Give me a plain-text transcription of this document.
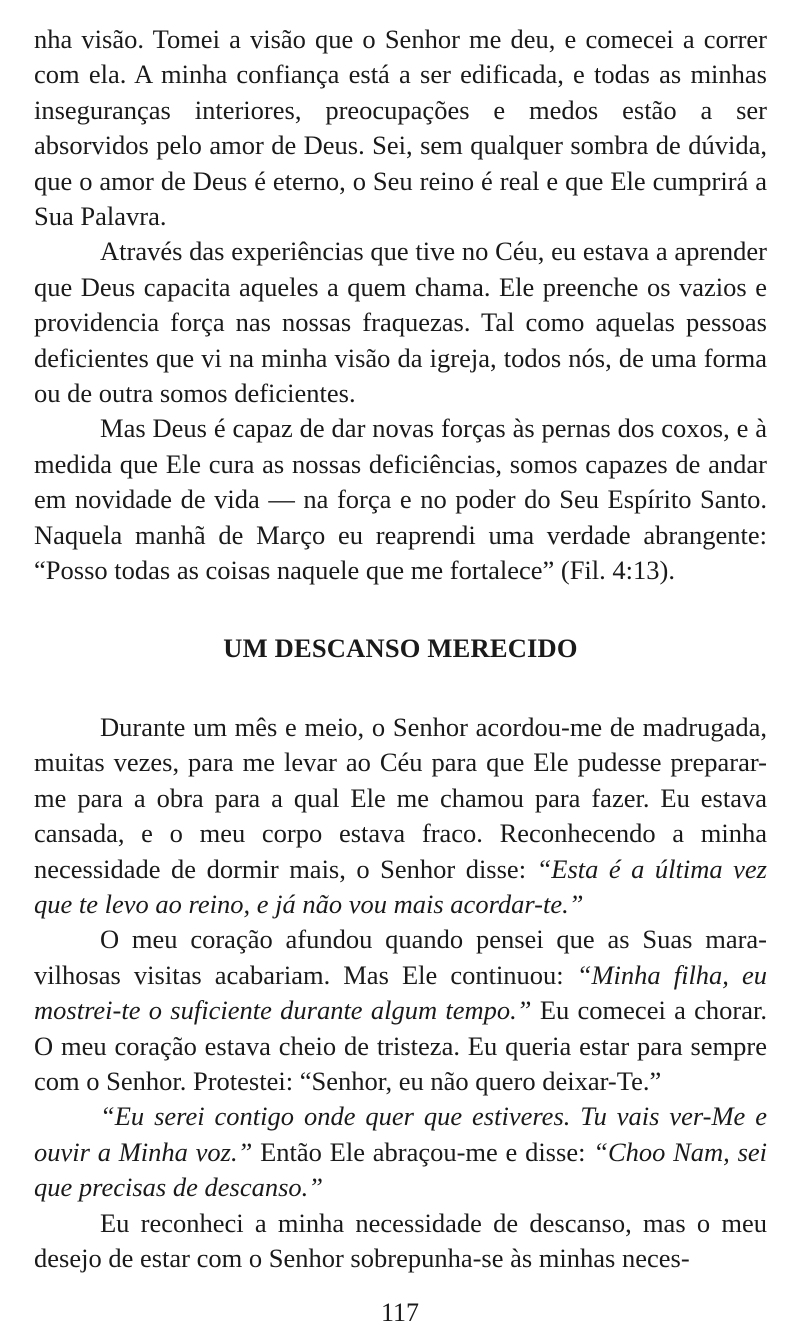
nha visão. Tomei a visão que o Senhor me deu, e comecei a correr com ela. A minha confiança está a ser edificada, e todas as minhas inseguranças interiores, preocupações e medos estão a ser absorvidos pelo amor de Deus. Sei, sem qualquer sombra de dúvida, que o amor de Deus é eterno, o Seu reino é real e que Ele cumprirá a Sua Palavra.

Através das experiências que tive no Céu, eu estava a aprender que Deus capacita aqueles a quem chama. Ele preenche os vazios e providencia força nas nossas fraquezas. Tal como aquelas pessoas deficientes que vi na minha visão da igreja, todos nós, de uma forma ou de outra somos deficientes.

Mas Deus é capaz de dar novas forças às pernas dos coxos, e à medida que Ele cura as nossas deficiências, somos capazes de andar em novidade de vida — na força e no poder do Seu Espírito Santo. Naquela manhã de Março eu reaprendi uma verdade abrangente: “Posso todas as coisas naquele que me fortalece” (Fil. 4:13).

UM DESCANSO MERECIDO

Durante um mês e meio, o Senhor acordou-me de madrugada, muitas vezes, para me levar ao Céu para que Ele pudesse preparar-me para a obra para a qual Ele me chamou para fazer. Eu estava cansada, e o meu corpo estava fraco. Reconhecendo a minha necessidade de dormir mais, o Senhor disse: “Esta é a última vez que te levo ao reino, e já não vou mais acordar-te.”

O meu coração afundou quando pensei que as Suas maravilhosas visitas acabariam. Mas Ele continuou: “Minha filha, eu mostrei-te o suficiente durante algum tempo.” Eu comecei a chorar. O meu coração estava cheio de tristeza. Eu queria estar para sempre com o Senhor. Protestei: “Senhor, eu não quero deixar-Te.”

“Eu serei contigo onde quer que estiveres. Tu vais ver-Me e ouvir a Minha voz.” Então Ele abraçou-me e disse: “Choo Nam, sei que precisas de descanso.”

Eu reconheci a minha necessidade de descanso, mas o meu desejo de estar com o Senhor sobrepunha-se às minhas neces-

117
